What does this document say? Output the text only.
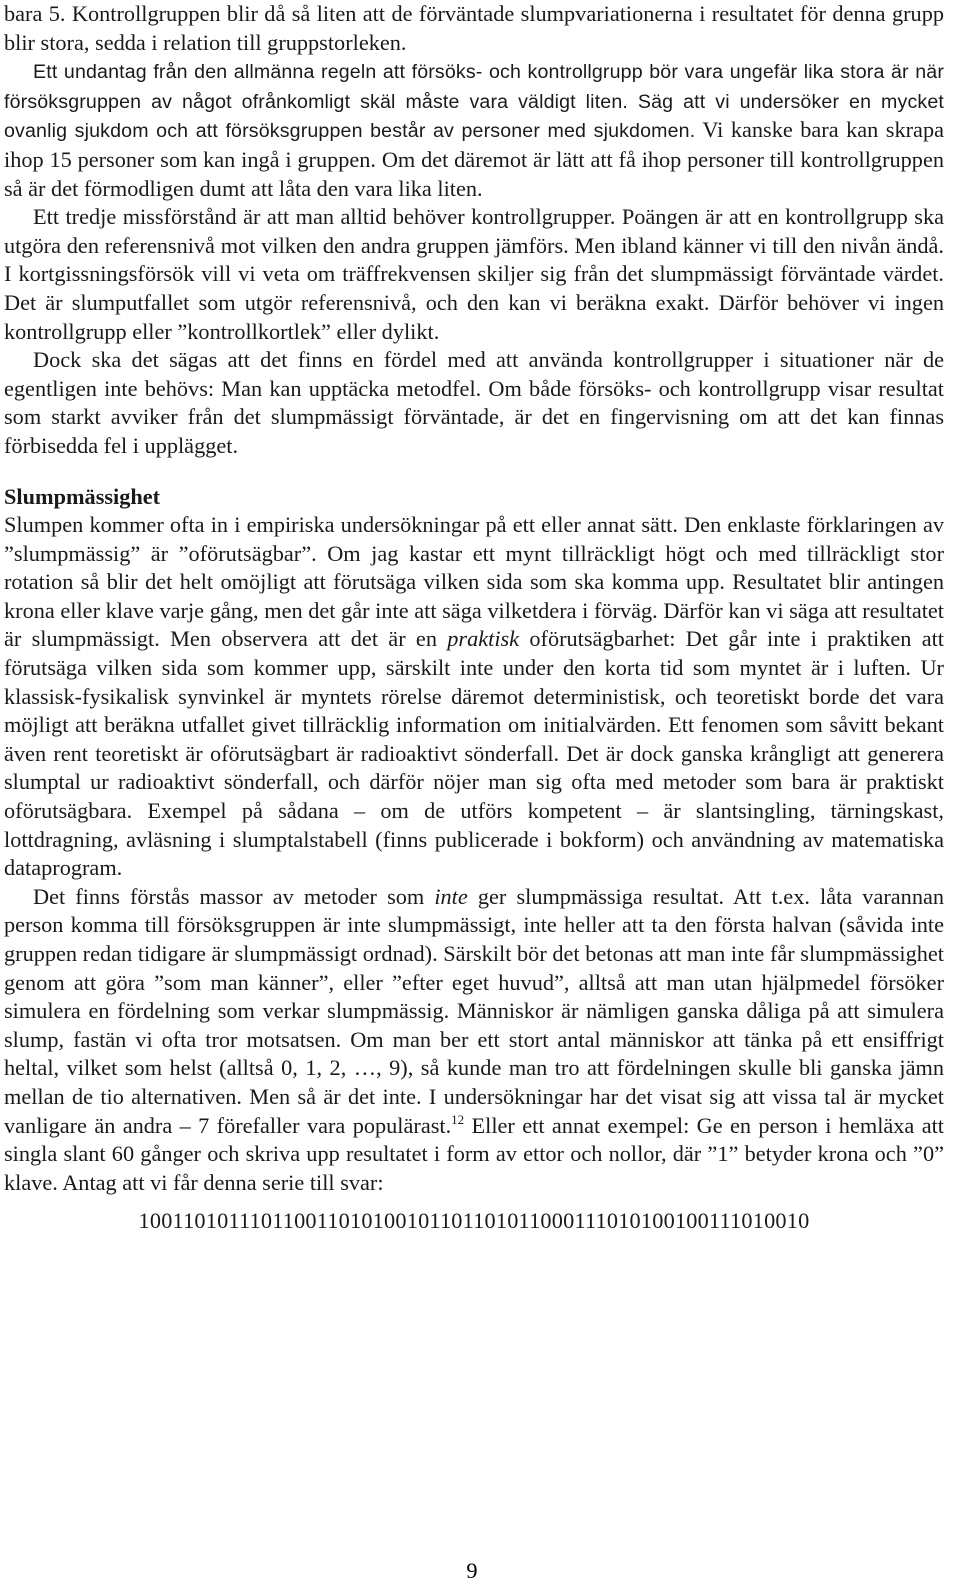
bara 5. Kontrollgruppen blir då så liten att de förväntade slumpvariationerna i resultatet för denna grupp blir stora, sedda i relation till gruppstorleken.

Ett undantag från den allmänna regeln att försöks- och kontrollgrupp bör vara ungefär lika stora är när försöksgruppen av något ofrånkomligt skäl måste vara väldigt liten. Säg att vi undersöker en mycket ovanlig sjukdom och att försöksgruppen består av personer med sjukdomen. Vi kanske bara kan skrapa ihop 15 personer som kan ingå i gruppen. Om det däremot är lätt att få ihop personer till kontrollgruppen så är det förmodligen dumt att låta den vara lika liten.

Ett tredje missförstånd är att man alltid behöver kontrollgrupper. Poängen är att en kontrollgrupp ska utgöra den referensnivå mot vilken den andra gruppen jämförs. Men ibland känner vi till den nivån ändå. I kortgissningsförsök vill vi veta om träffrekvensen skiljer sig från det slumpmässigt förväntade värdet. Det är slumputfallet som utgör referensnivå, och den kan vi beräkna exakt. Därför behöver vi ingen kontrollgrupp eller ”kontrollkortlek” eller dylikt.

Dock ska det sägas att det finns en fördel med att använda kontrollgrupper i situationer när de egentligen inte behövs: Man kan upptäcka metodfel. Om både försöks- och kontrollgrupp visar resultat som starkt avviker från det slumpmässigt förväntade, är det en fingervisning om att det kan finnas förbisedda fel i upplägget.

Slumpmässighet

Slumpen kommer ofta in i empiriska undersökningar på ett eller annat sätt. Den enklaste förklaringen av ”slumpmässig” är ”oförutsägbar”. Om jag kastar ett mynt tillräckligt högt och med tillräckligt stor rotation så blir det helt omöjligt att förutsäga vilken sida som ska komma upp. Resultatet blir antingen krona eller klave varje gång, men det går inte att säga vilketdera i förväg. Därför kan vi säga att resultatet är slumpmässigt. Men observera att det är en praktisk oförutsägbarhet: Det går inte i praktiken att förutsäga vilken sida som kommer upp, särskilt inte under den korta tid som myntet är i luften. Ur klassisk-fysikalisk synvinkel är myntets rörelse däremot deterministisk, och teoretiskt borde det vara möjligt att beräkna utfallet givet tillräcklig information om initialvärden. Ett fenomen som såvitt bekant även rent teoretiskt är oförutsägbart är radioaktivt sönderfall. Det är dock ganska krångligt att generera slumptal ur radioaktivt sönderfall, och därför nöjer man sig ofta med metoder som bara är praktiskt oförutsägbara. Exempel på sådana – om de utförs kompetent – är slantsingling, tärningskast, lottdragning, avläsning i slumptalstabell (finns publicerade i bokform) och användning av matematiska dataprogram.

Det finns förstås massor av metoder som inte ger slumpmässiga resultat. Att t.ex. låta varannan person komma till försöksgruppen är inte slumpmässigt, inte heller att ta den första halvan (såvida inte gruppen redan tidigare är slumpmässigt ordnad). Särskilt bör det betonas att man inte får slumpmässighet genom att göra ”som man känner”, eller ”efter eget huvud”, alltså att man utan hjälpmedel försöker simulera en fördelning som verkar slumpmässig. Människor är nämligen ganska dåliga på att simulera slump, fastän vi ofta tror motsatsen. Om man ber ett stort antal människor att tänka på ett ensiffrigt heltal, vilket som helst (alltså 0, 1, 2, …, 9), så kunde man tro att fördelningen skulle bli ganska jämn mellan de tio alternativen. Men så är det inte. I undersökningar har det visat sig att vissa tal är mycket vanligare än andra – 7 förefaller vara populärast.$^{12}$ Eller ett annat exempel: Ge en person i hemläxa att singla slant 60 gånger och skriva upp resultatet i form av ettor och nollor, där ”1” betyder krona och ”0” klave. Antag att vi får denna serie till svar:

100110101110110011010100101101101011000111010100100111010010
9
